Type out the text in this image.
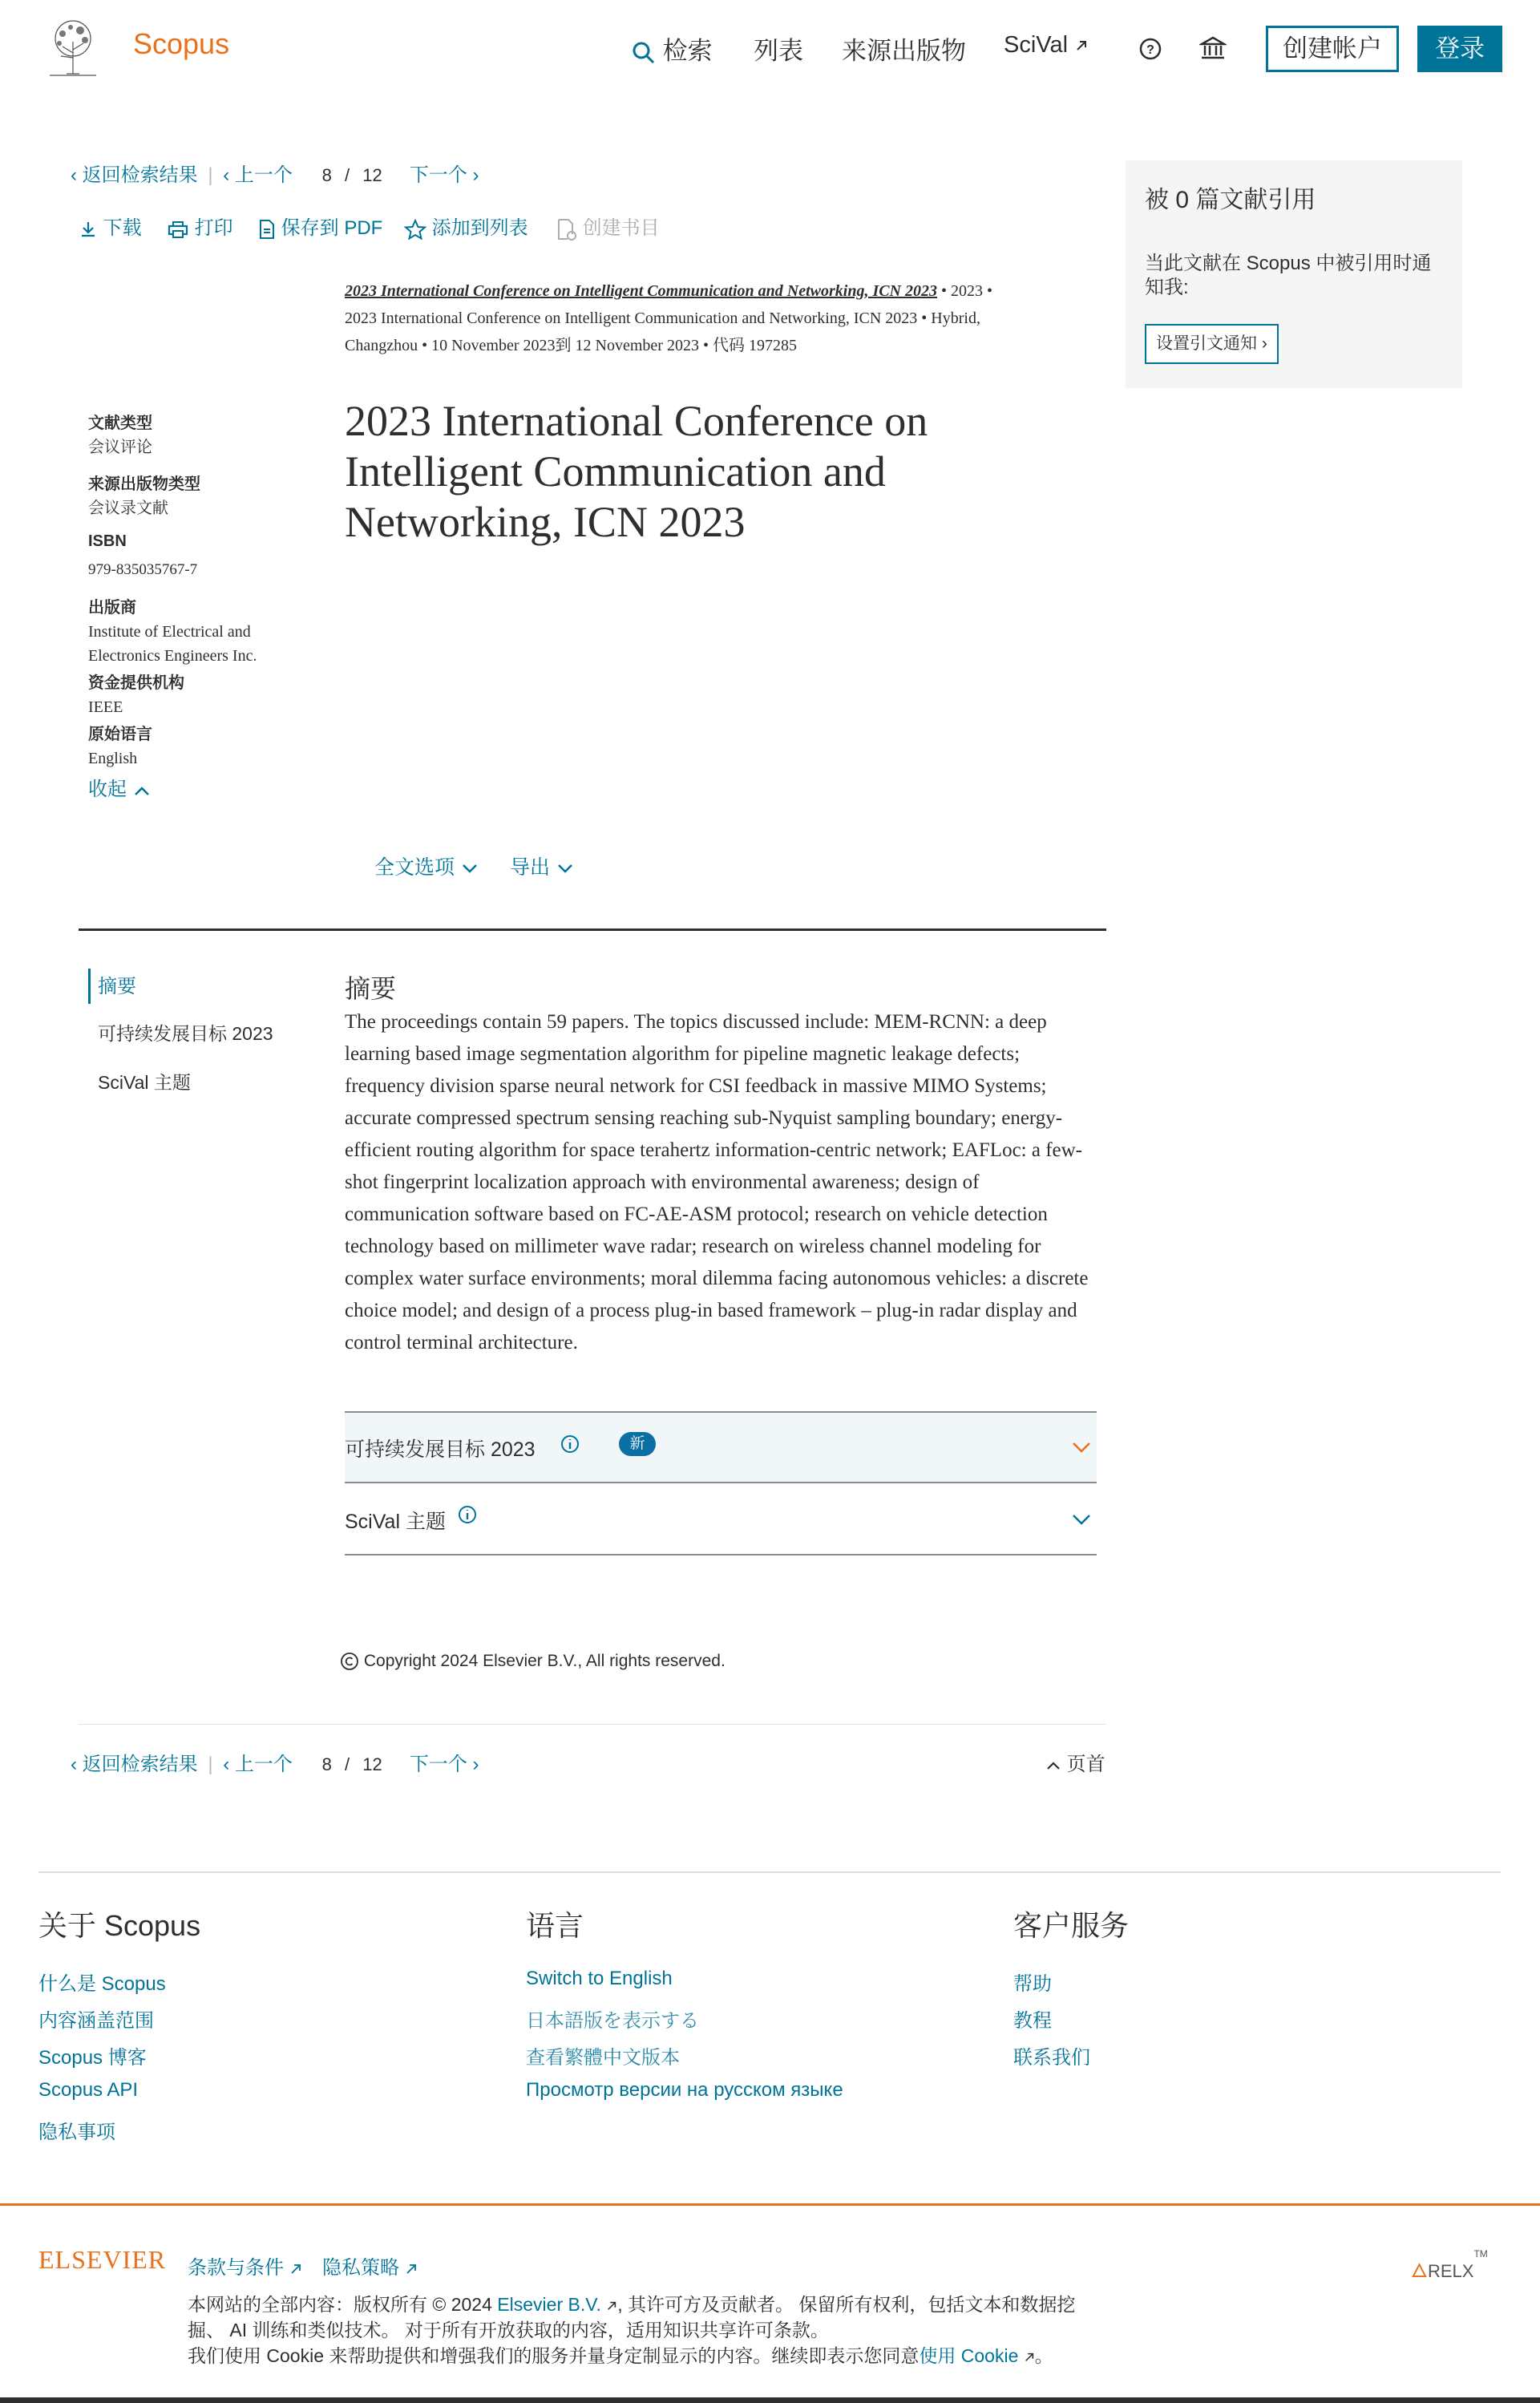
Scopus	检索 列表 来源出版物 SciVal	?	创建帐户	登录
‹ 返回检索结果 | ‹ 上一个 8 / 12 下一个 ›
下载	打印	保存到 PDF	添加到列表	创建书目
2023 International Conference on Intelligent Communication and Networking, ICN 2023 • 2023 •
2023 International Conference on Intelligent Communication and Networking, ICN 2023 • Hybrid,
Changzhou • 10 November 2023到 12 November 2023 • 代码 197285
2023 International Conference on Intelligent Communication and Networking, ICN 2023
文献类型
会议评论
来源出版物类型
会议录文献
ISBN
979-835035767-7
出版商
Institute of Electrical and
Electronics Engineers Inc.
资金提供机构
IEEE
原始语言
English
收起
全文选项	导出
摘要
可持续发展目标 2023
SciVal 主题
摘要

The proceedings contain 59 papers. The topics discussed include: MEM-RCNN: a deep learning based image segmentation algorithm for pipeline magnetic leakage defects; frequency division sparse neural network for CSI feedback in massive MIMO Systems; accurate compressed spectrum sensing reaching sub-Nyquist sampling boundary; energy-efficient routing algorithm for space terahertz information-centric network; EAFLoc: a few-shot fingerprint localization approach with environmental awareness; design of communication software based on FC-AE-ASM protocol; research on vehicle detection technology based on millimeter wave radar; research on wireless channel modeling for complex water surface environments; moral dilemma facing autonomous vehicles: a discrete choice model; and design of a process plug-in based framework – plug-in radar display and control terminal architecture.

可持续发展目标 2023	新
SciVal 主题
Copyright 2024 Elsevier B.V., All rights reserved.
‹ 返回检索结果 | ‹ 上一个 8 / 12 下一个 ›	页首
被 0 篇文献引用
当此文献在 Scopus 中被引用时通
知我:
设置引文通知 ›
关于 Scopus
什么是 Scopus
内容涵盖范围
Scopus 博客
Scopus API
隐私事项
语言
Switch to English
日本語版を表示する
查看繁體中文版本
Просмотр версии на русском языке
客户服务
帮助
教程
联系我们
ELSEVIER 条款与条件	隐私策略	🜂RELX™
本网站的全部内容：版权所有 © 2024 Elsevier B.V. , 其许可方及贡献者。 保留所有权利，包括文本和数据挖
掘、 AI 训练和类似技术。 对于所有开放获取的内容，适用知识共享许可条款。
我们使用 Cookie 来帮助提供和增强我们的服务并量身定制显示的内容。继续即表示您同意使用 Cookie 。
